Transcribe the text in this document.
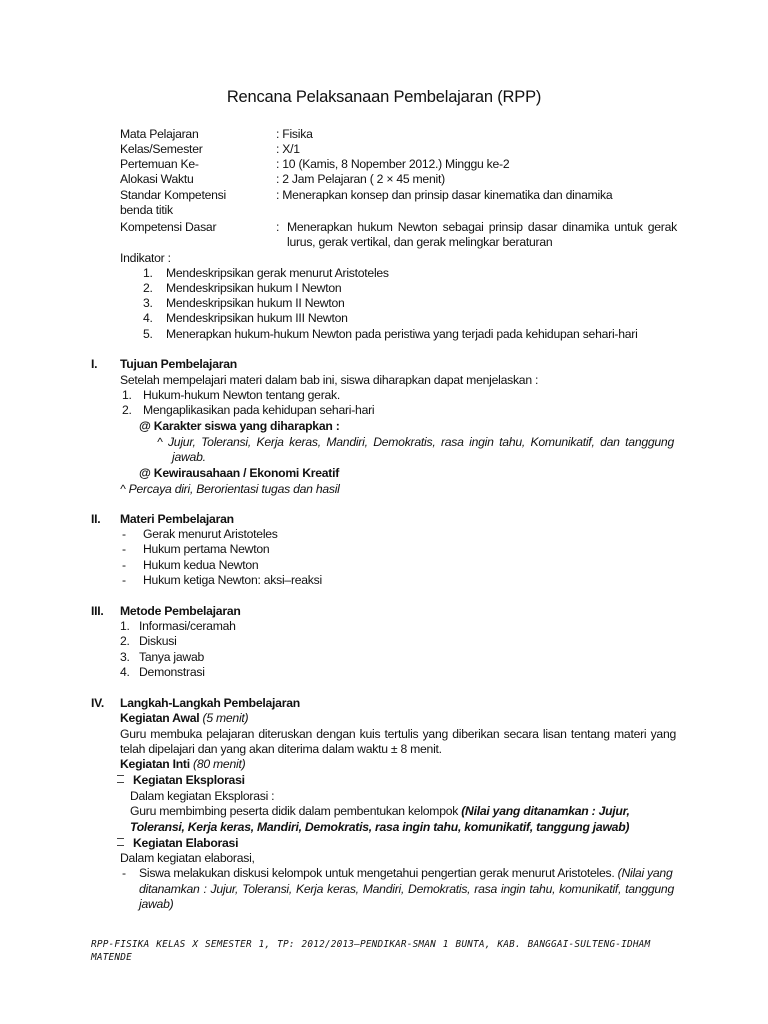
Rencana Pelaksanaan Pembelajaran (RPP)
Mata Pelajaran	: Fisika
Kelas/Semester	: X/1
Pertemuan Ke-	: 10 (Kamis, 8 Nopember 2012.) Minggu ke-2
Alokasi Waktu	: 2 Jam Pelajaran ( 2 × 45 menit)
Standar Kompetensi	: Menerapkan konsep dan prinsip dasar kinematika dan dinamika
benda titik
Kompetensi Dasar	: Menerapkan hukum Newton sebagai prinsip dasar dinamika untuk gerak
lurus, gerak vertikal, dan gerak melingkar beraturan
Indikator :
1. Mendeskripsikan gerak menurut Aristoteles
2. Mendeskripsikan hukum I Newton
3. Mendeskripsikan hukum II Newton
4. Mendeskripsikan hukum III Newton
5. Menerapkan hukum-hukum Newton pada peristiwa yang terjadi pada kehidupan sehari-hari
I. Tujuan Pembelajaran
Setelah mempelajari materi dalam bab ini, siswa diharapkan dapat menjelaskan :
1. Hukum-hukum Newton tentang gerak.
2. Mengaplikasikan pada kehidupan sehari-hari
@ Karakter siswa yang diharapkan :
^ Jujur, Toleransi, Kerja keras, Mandiri, Demokratis, rasa ingin tahu, Komunikatif, dan tanggung
jawab.
@ Kewirausahaan / Ekonomi Kreatif
^ Percaya diri, Berorientasi tugas dan hasil
II. Materi Pembelajaran
- Gerak menurut Aristoteles
- Hukum pertama Newton
- Hukum kedua Newton
- Hukum ketiga Newton: aksi–reaksi
III. Metode Pembelajaran
1. Informasi/ceramah
2. Diskusi
3. Tanya jawab
4. Demonstrasi
IV. Langkah-Langkah Pembelajaran
Kegiatan Awal (5 menit)
Guru membuka pelajaran diteruskan dengan kuis tertulis yang diberikan secara lisan tentang materi yang
telah dipelajari dan yang akan diterima dalam waktu ± 8 menit.
Kegiatan Inti (80 menit)
Kegiatan Eksplorasi
Dalam kegiatan Eksplorasi :
Guru membimbing peserta didik dalam pembentukan kelompok (Nilai yang ditanamkan : Jujur,
Toleransi, Kerja keras, Mandiri, Demokratis, rasa ingin tahu, komunikatif, tanggung jawab)
Kegiatan Elaborasi
Dalam kegiatan elaborasi,
- Siswa melakukan diskusi kelompok untuk mengetahui pengertian gerak menurut Aristoteles. (Nilai yang
ditanamkan : Jujur, Toleransi, Kerja keras, Mandiri, Demokratis, rasa ingin tahu, komunikatif, tanggung
jawab)
RPP-FISIKA KELAS X SEMESTER 1, TP: 2012/2013–PENDIKAR-SMAN 1 BUNTA, KAB. BANGGAI-SULTENG-IDHAM MATENDE
